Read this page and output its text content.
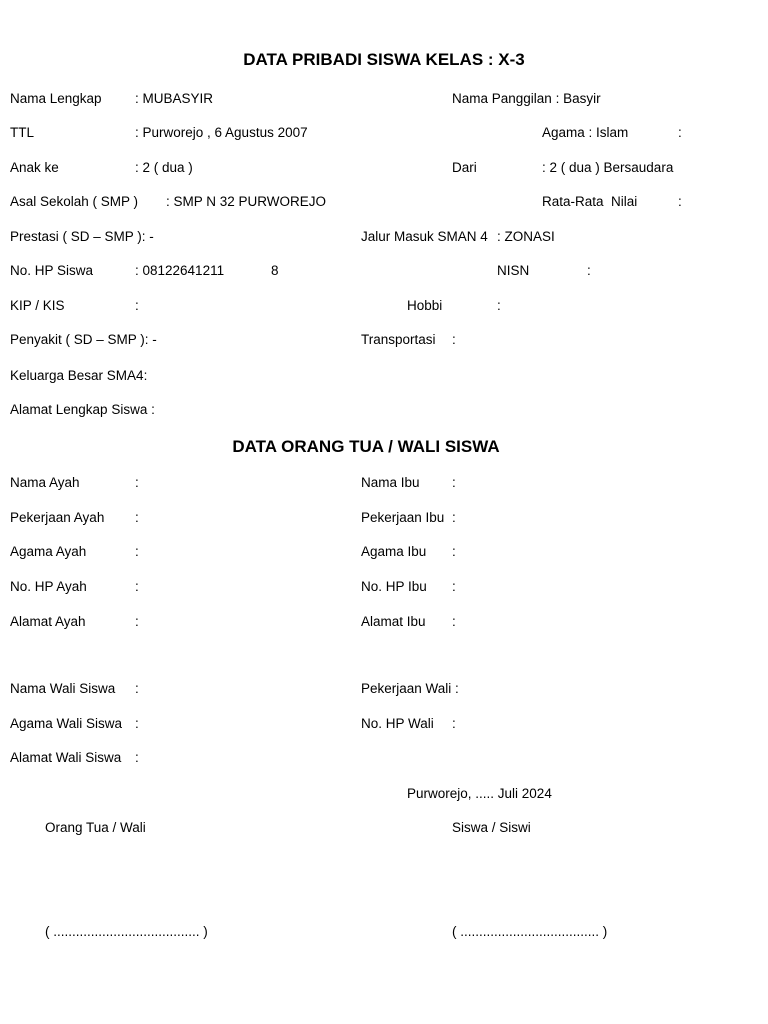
DATA PRIBADI SISWA KELAS : X-3
Nama Lengkap : MUBASYIR	Nama Panggilan : Basyir
TTL	: Purworejo , 6 Agustus 2007	Agama : Islam	:
Anak ke	: 2 ( dua )	Dari	: 2 ( dua ) Bersaudara
Asal Sekolah ( SMP ) : SMP N 32 PURWOREJO	Rata-Rata  Nilai	:
Prestasi ( SD – SMP ): -	Jalur Masuk SMAN 4 : ZONASI
No. HP Siswa	: 08122641211	8	NISN	:
KIP / KIS	:	Hobbi	:
Penyakit ( SD – SMP ): -	Transportasi :
Keluarga Besar SMA4:
Alamat Lengkap Siswa :
DATA ORANG TUA / WALI SISWA
Nama Ayah	:	Nama Ibu :
Pekerjaan Ayah :	Pekerjaan Ibu :
Agama Ayah	:	Agama Ibu :
No. HP Ayah	:	No. HP Ibu :
Alamat Ayah	:	Alamat Ibu :
Nama Wali Siswa :	Pekerjaan Wali :
Agama Wali Siswa :	No. HP Wali :
Alamat Wali Siswa :
Purworejo, ..... Juli 2024
Orang Tua / Wali	Siswa / Siswi
( ....................................... )	( ..................................... )
